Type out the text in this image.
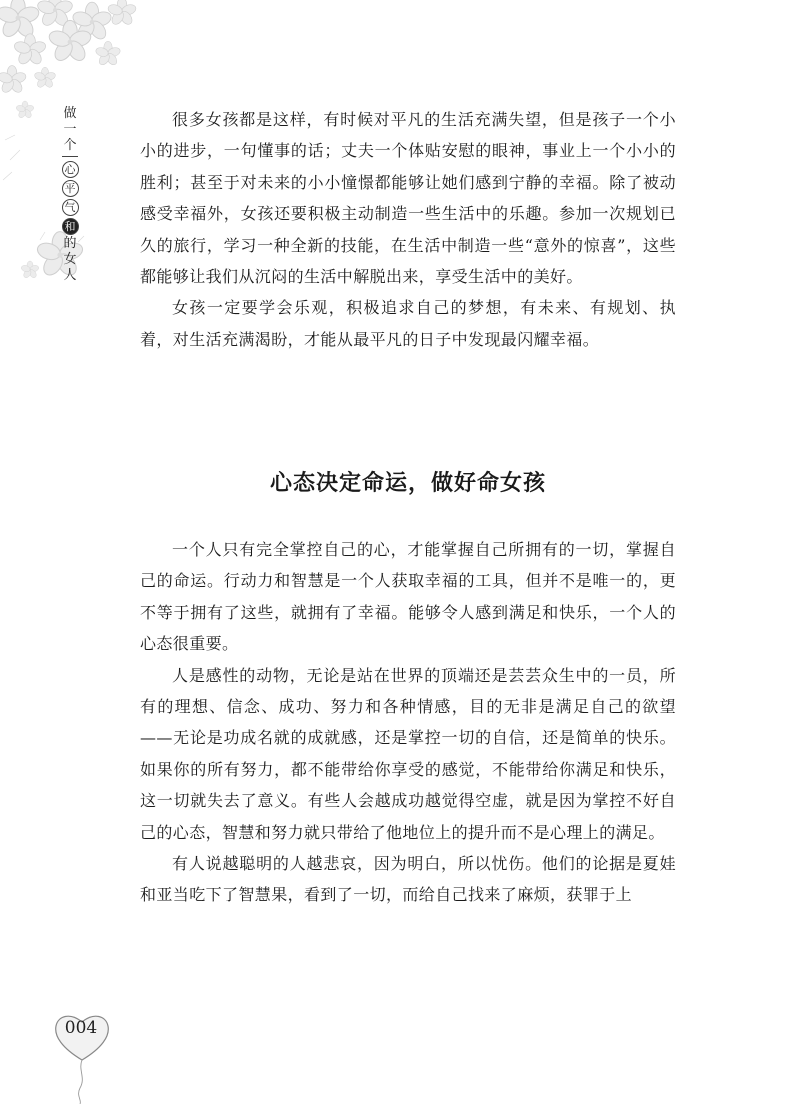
做
一
个
心
平
气
和
的
女
人

很多女孩都是这样，有时候对平凡的生活充满失望，但是孩子一个小小的进步，一句懂事的话；丈夫一个体贴安慰的眼神，事业上一个小小的胜利；甚至于对未来的小小憧憬都能够让她们感到宁静的幸福。除了被动感受幸福外，女孩还要积极主动制造一些生活中的乐趣。参加一次规划已久的旅行，学习一种全新的技能，在生活中制造一些“意外的惊喜”，这些都能够让我们从沉闷的生活中解脱出来，享受生活中的美好。

女孩一定要学会乐观，积极追求自己的梦想，有未来、有规划、执着，对生活充满渴盼，才能从最平凡的日子中发现最闪耀幸福。

心态决定命运，做好命女孩

一个人只有完全掌控自己的心，才能掌握自己所拥有的一切，掌握自己的命运。行动力和智慧是一个人获取幸福的工具，但并不是唯一的，更不等于拥有了这些，就拥有了幸福。能够令人感到满足和快乐，一个人的心态很重要。

人是感性的动物，无论是站在世界的顶端还是芸芸众生中的一员，所有的理想、信念、成功、努力和各种情感，目的无非是满足自己的欲望——无论是功成名就的成就感，还是掌控一切的自信，还是简单的快乐。如果你的所有努力，都不能带给你享受的感觉，不能带给你满足和快乐，这一切就失去了意义。有些人会越成功越觉得空虚，就是因为掌控不好自己的心态，智慧和努力就只带给了他地位上的提升而不是心理上的满足。

有人说越聪明的人越悲哀，因为明白，所以忧伤。他们的论据是夏娃和亚当吃下了智慧果，看到了一切，而给自己找来了麻烦，获罪于上

004
